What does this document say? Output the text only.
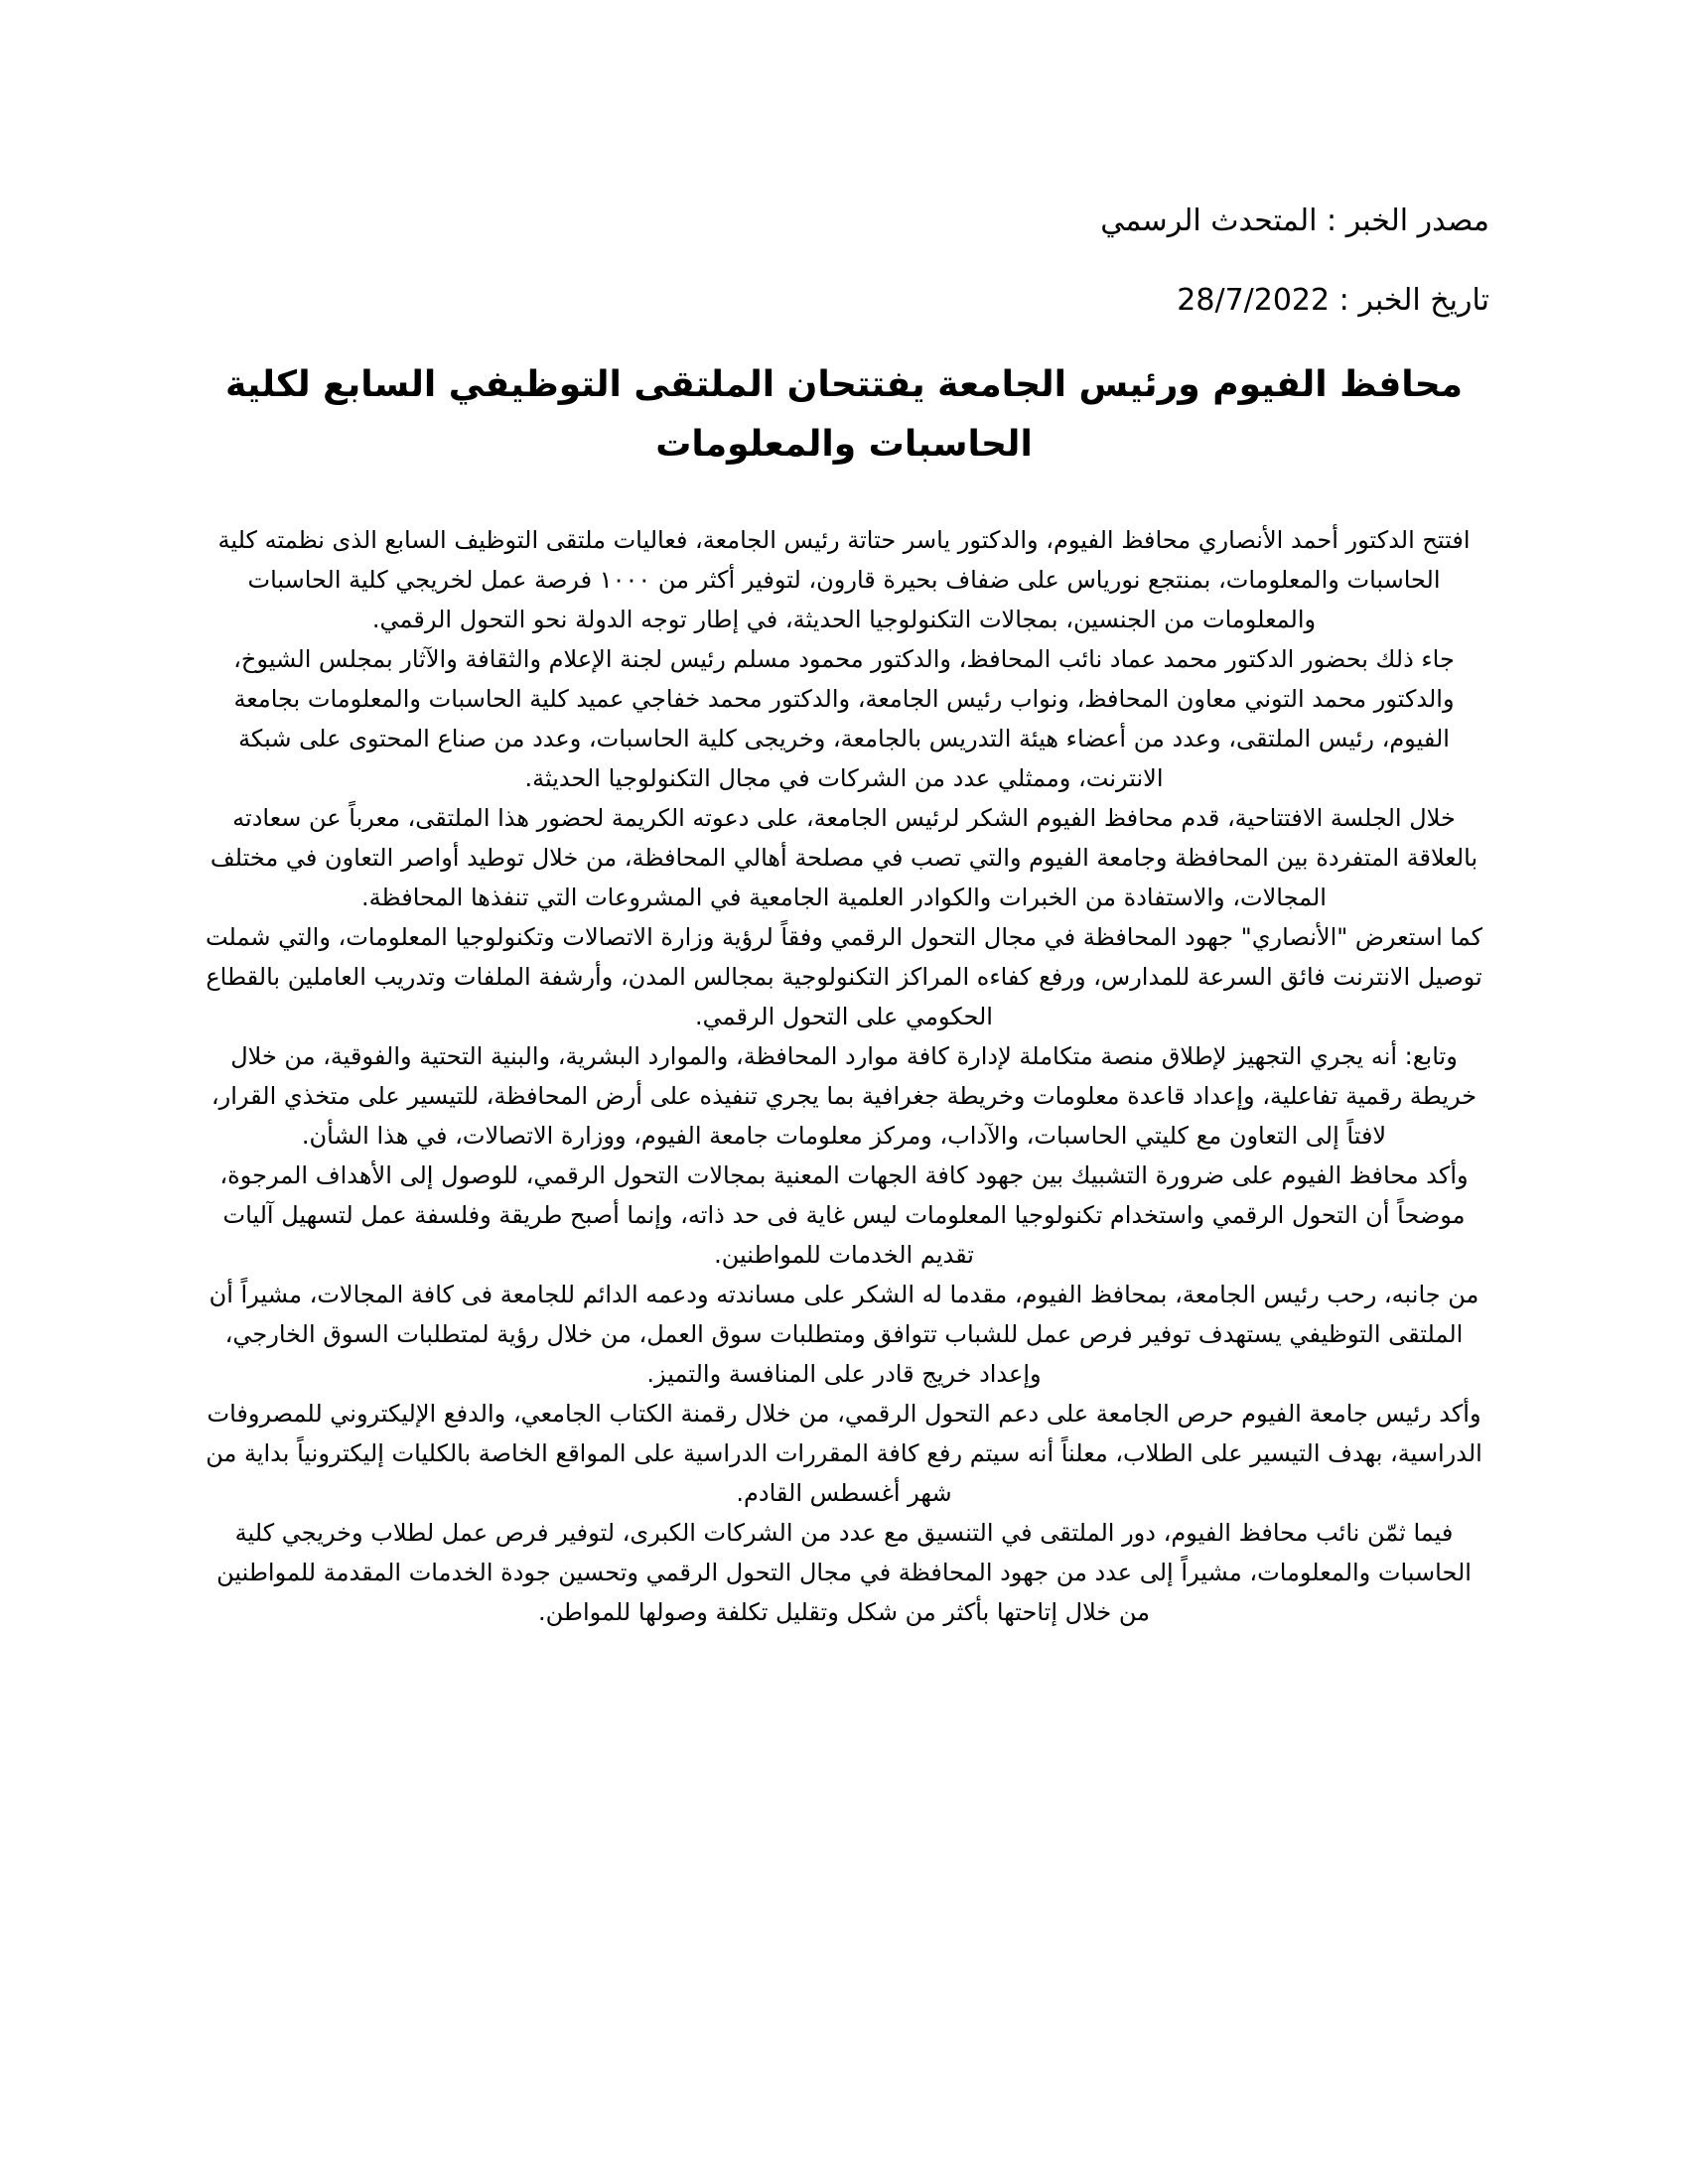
مصدر الخبر : المتحدث الرسمي
تاريخ الخبر : 28/7/2022
محافظ الفيوم ورئيس الجامعة يفتتحان الملتقى التوظيفي السابع لكلية الحاسبات والمعلومات

افتتح الدكتور أحمد الأنصاري محافظ الفيوم، والدكتور ياسر حتاتة رئيس الجامعة، فعاليات ملتقى التوظيف السابع الذى نظمته كلية الحاسبات والمعلومات، بمنتجع نورياس على ضفاف بحيرة قارون، لتوفير أكثر من ١٠٠٠ فرصة عمل لخريجي كلية الحاسبات والمعلومات من الجنسين، بمجالات التكنولوجيا الحديثة، في إطار توجه الدولة نحو التحول الرقمي.

جاء ذلك بحضور الدكتور محمد عماد نائب المحافظ، والدكتور محمود مسلم رئيس لجنة الإعلام والثقافة والآثار بمجلس الشيوخ، والدكتور محمد التوني معاون المحافظ، ونواب رئيس الجامعة، والدكتور محمد خفاجي عميد كلية الحاسبات والمعلومات بجامعة الفيوم، رئيس الملتقى، وعدد من أعضاء هيئة التدريس بالجامعة، وخريجى كلية الحاسبات، وعدد من صناع المحتوى على شبكة الانترنت، وممثلي عدد من الشركات في مجال التكنولوجيا الحديثة.

خلال الجلسة الافتتاحية، قدم محافظ الفيوم الشكر لرئيس الجامعة، على دعوته الكريمة لحضور هذا الملتقى، معرباً عن سعادته بالعلاقة المتفردة بين المحافظة وجامعة الفيوم والتي تصب في مصلحة أهالي المحافظة، من خلال توطيد أواصر التعاون في مختلف المجالات، والاستفادة من الخبرات والكوادر العلمية الجامعية في المشروعات التي تنفذها المحافظة.

كما استعرض "الأنصاري" جهود المحافظة في مجال التحول الرقمي وفقاً لرؤية وزارة الاتصالات وتكنولوجيا المعلومات، والتي شملت توصيل الانترنت فائق السرعة للمدارس، ورفع كفاءه المراكز التكنولوجية بمجالس المدن، وأرشفة الملفات وتدريب العاملين بالقطاع الحكومي على التحول الرقمي.

وتابع: أنه يجري التجهيز لإطلاق منصة متكاملة لإدارة كافة موارد المحافظة، والموارد البشرية، والبنية التحتية والفوقية، من خلال خريطة رقمية تفاعلية، وإعداد قاعدة معلومات وخريطة جغرافية بما يجري تنفيذه على أرض المحافظة، للتيسير على متخذي القرار، لافتاً إلى التعاون مع كليتي الحاسبات، والآداب، ومركز معلومات جامعة الفيوم، ووزارة الاتصالات، في هذا الشأن.

وأكد محافظ الفيوم على ضرورة التشبيك بين جهود كافة الجهات المعنية بمجالات التحول الرقمي، للوصول إلى الأهداف المرجوة، موضحاً أن التحول الرقمي واستخدام تكنولوجيا المعلومات ليس غاية فى حد ذاته، وإنما أصبح طريقة وفلسفة عمل لتسهيل آليات تقديم الخدمات للمواطنين.

من جانبه، رحب رئيس الجامعة، بمحافظ الفيوم، مقدما له الشكر على مساندته ودعمه الدائم للجامعة فى كافة المجالات، مشيراً أن الملتقى التوظيفي يستهدف توفير فرص عمل للشباب تتوافق ومتطلبات سوق العمل، من خلال رؤية لمتطلبات السوق الخارجي، وإعداد خريج قادر على المنافسة والتميز.

وأكد رئيس جامعة الفيوم حرص الجامعة على دعم التحول الرقمي، من خلال رقمنة الكتاب الجامعي، والدفع الإليكتروني للمصروفات الدراسية، بهدف التيسير على الطلاب، معلناً أنه سيتم رفع كافة المقررات الدراسية على المواقع الخاصة بالكليات إليكترونياً بداية من شهر أغسطس القادم.

فيما ثمّن نائب محافظ الفيوم، دور الملتقى في التنسيق مع عدد من الشركات الكبرى، لتوفير فرص عمل لطلاب وخريجي كلية الحاسبات والمعلومات، مشيراً إلى عدد من جهود المحافظة في مجال التحول الرقمي وتحسين جودة الخدمات المقدمة للمواطنين من خلال إتاحتها بأكثر من شكل وتقليل تكلفة وصولها للمواطن.
